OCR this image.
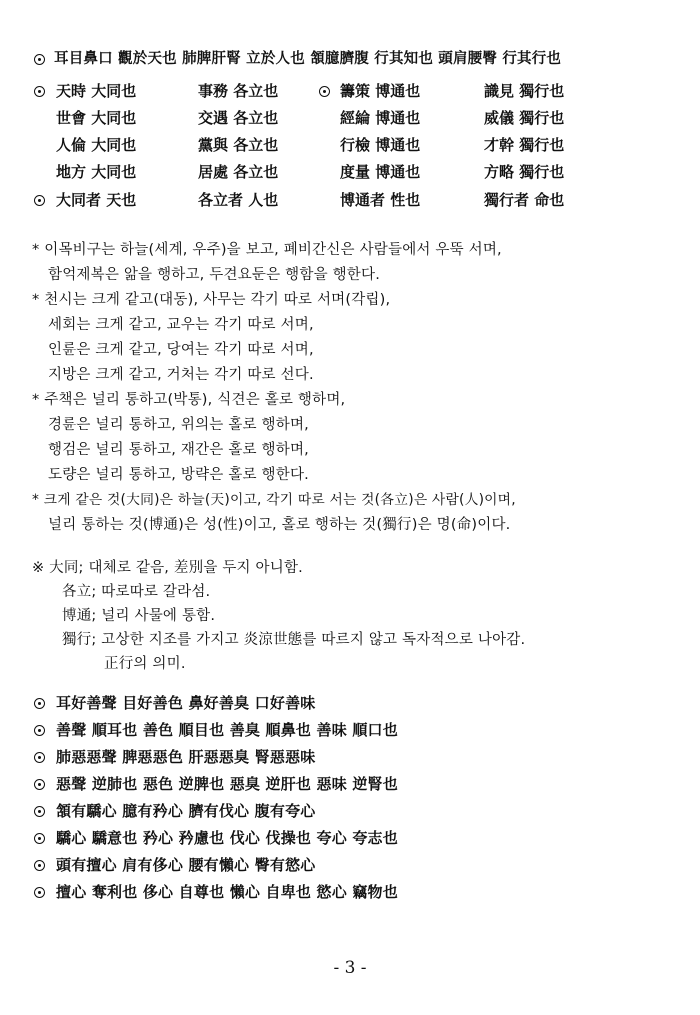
耳目鼻口 觀於天也 肺脾肝腎 立於人也 頷臆臍腹 行其知也 頭肩腰臀 行其行也
天時 大同也	事務 各立也	籌策 博通也	識見 獨行也
世會 大同也	交遇 各立也	經綸 博通也	威儀 獨行也
人倫 大同也	黨與 各立也	行檢 博通也	才幹 獨行也
地方 大同也	居處 各立也	度量 博通也	方略 獨行也
大同者 天也	各立者 人也	博通者 性也	獨行者 命也
* 이목비구는 하늘(세계, 우주)을 보고, 폐비간신은 사람들에서 우뚝 서며,
함억제복은 앎을 행하고, 두견요둔은 행함을 행한다.
* 천시는 크게 같고(대동), 사무는 각기 따로 서며(각립),
세회는 크게 같고, 교우는 각기 따로 서며,
인륜은 크게 같고, 당여는 각기 따로 서며,
지방은 크게 같고, 거처는 각기 따로 선다.
* 주책은 널리 통하고(박통), 식견은 홀로 행하며,
경륜은 널리 통하고, 위의는 홀로 행하며,
행검은 널리 통하고, 재간은 홀로 행하며,
도량은 널리 통하고, 방략은 홀로 행한다.
* 크게 같은 것(大同)은 하늘(天)이고, 각기 따로 서는 것(各立)은 사람(人)이며,
널리 통하는 것(博通)은 성(性)이고, 홀로 행하는 것(獨行)은 명(命)이다.
※ 大同; 대체로 같음, 差別을 두지 아니함.
各立; 따로따로 갈라섬.
博通; 널리 사물에 통함.
獨行; 고상한 지조를 가지고 炎涼世態를 따르지 않고 독자적으로 나아감.
正行의 의미.
耳好善聲 目好善色 鼻好善臭 口好善味
善聲 順耳也 善色 順目也 善臭 順鼻也 善味 順口也
肺惡惡聲 脾惡惡色 肝惡惡臭 腎惡惡味
惡聲 逆肺也 惡色 逆脾也 惡臭 逆肝也 惡味 逆腎也
頷有驕心 臆有矜心 臍有伐心 腹有夸心
驕心 驕意也 矜心 矜慮也 伐心 伐操也 夸心 夸志也
頭有擅心 肩有侈心 腰有懶心 臀有慾心
擅心 奪利也 侈心 自尊也 懶心 自卑也 慾心 竊物也
- 3 -
